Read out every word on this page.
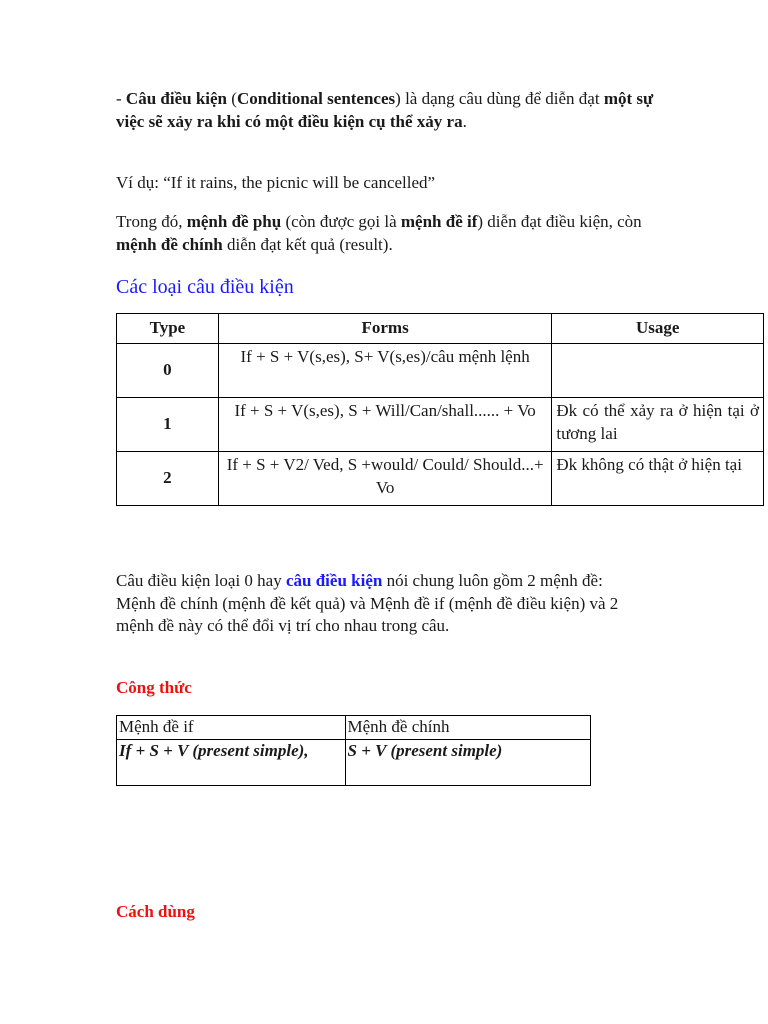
- Câu điều kiện (Conditional sentences) là dạng câu dùng để diễn đạt một sự việc sẽ xảy ra khi có một điều kiện cụ thể xảy ra.

Ví dụ: “If it rains, the picnic will be cancelled”

Trong đó, mệnh đề phụ (còn được gọi là mệnh đề if) diễn đạt điều kiện, còn mệnh đề chính diễn đạt kết quả (result).

Các loại câu điều kiện
Type	Forms	Usage
0	If + S + V(s,es), S+ V(s,es)/câu mệnh lệnh	
1	If + S + V(s,es), S + Will/Can/shall...... + Vo	Đk có thể xảy ra ở hiện tại ở tương lai
2	If + S + V2/ Ved, S +would/ Could/ Should...+ Vo	Đk không có thật ở hiện tại

Câu điều kiện loại 0 hay câu điều kiện nói chung luôn gồm 2 mệnh đề: Mệnh đề chính (mệnh đề kết quả) và Mệnh đề if (mệnh đề điều kiện) và 2 mệnh đề này có thể đổi vị trí cho nhau trong câu.

Công thức
Mệnh đề if	Mệnh đề chính
If + S + V (present simple),	S + V (present simple)
Cách dùng
